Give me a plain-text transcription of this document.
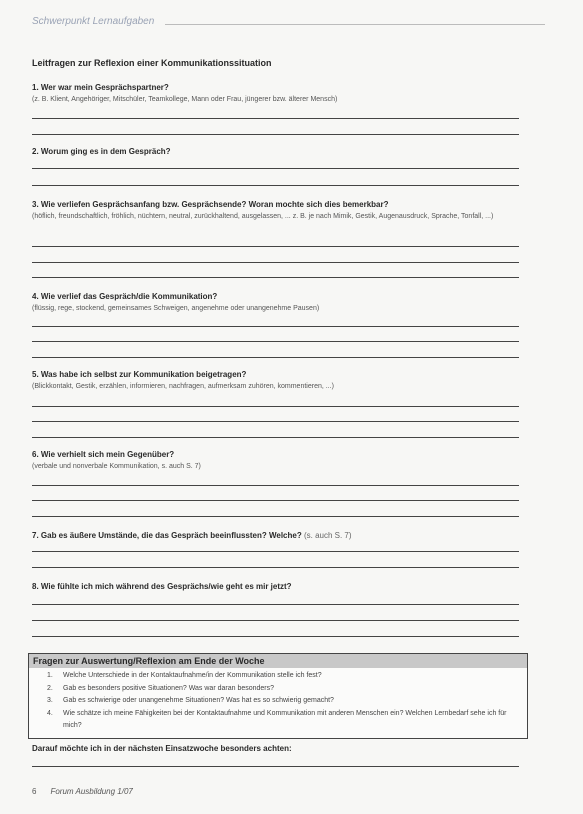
Schwerpunkt Lernaufgaben
Leitfragen zur Reflexion einer Kommunikationssituation
1. Wer war mein Gesprächspartner?
(z. B. Klient, Angehöriger, Mitschüler, Teamkollege, Mann oder Frau, jüngerer bzw. älterer Mensch)
2. Worum ging es in dem Gespräch?
3. Wie verliefen Gesprächsanfang bzw. Gesprächsende? Woran mochte sich dies bemerkbar?
(höflich, freundschaftlich, fröhlich, nüchtern, neutral, zurückhaltend, ausgelassen, ... z. B. je nach Mimik, Gestik, Augenausdruck, Sprache, Tonfall, ...)
4. Wie verlief das Gespräch/die Kommunikation?
(flüssig, rege, stockend, gemeinsames Schweigen, angenehme oder unangenehme Pausen)
5. Was habe ich selbst zur Kommunikation beigetragen?
(Blickkontakt, Gestik, erzählen, informieren, nachfragen, aufmerksam zuhören, kommentieren, ...)
6. Wie verhielt sich mein Gegenüber?
(verbale und nonverbale Kommunikation, s. auch S. 7)
7. Gab es äußere Umstände, die das Gespräch beeinflussten? Welche? (s. auch S. 7)
8. Wie fühlte ich mich während des Gesprächs/wie geht es mir jetzt?
Fragen zur Auswertung/Reflexion am Ende der Woche
1. Welche Unterschiede in der Kontaktaufnahme/in der Kommunikation stelle ich fest?
2. Gab es besonders positive Situationen? Was war daran besonders?
3. Gab es schwierige oder unangenehme Situationen? Was hat es so schwierig gemacht?
4. Wie schätze ich meine Fähigkeiten bei der Kontaktaufnahme und Kommunikation mit anderen Menschen ein? Welchen Lernbedarf sehe ich für mich?
Darauf möchte ich in der nächsten Einsatzwoche besonders achten:
6 Forum Ausbildung 1/07
